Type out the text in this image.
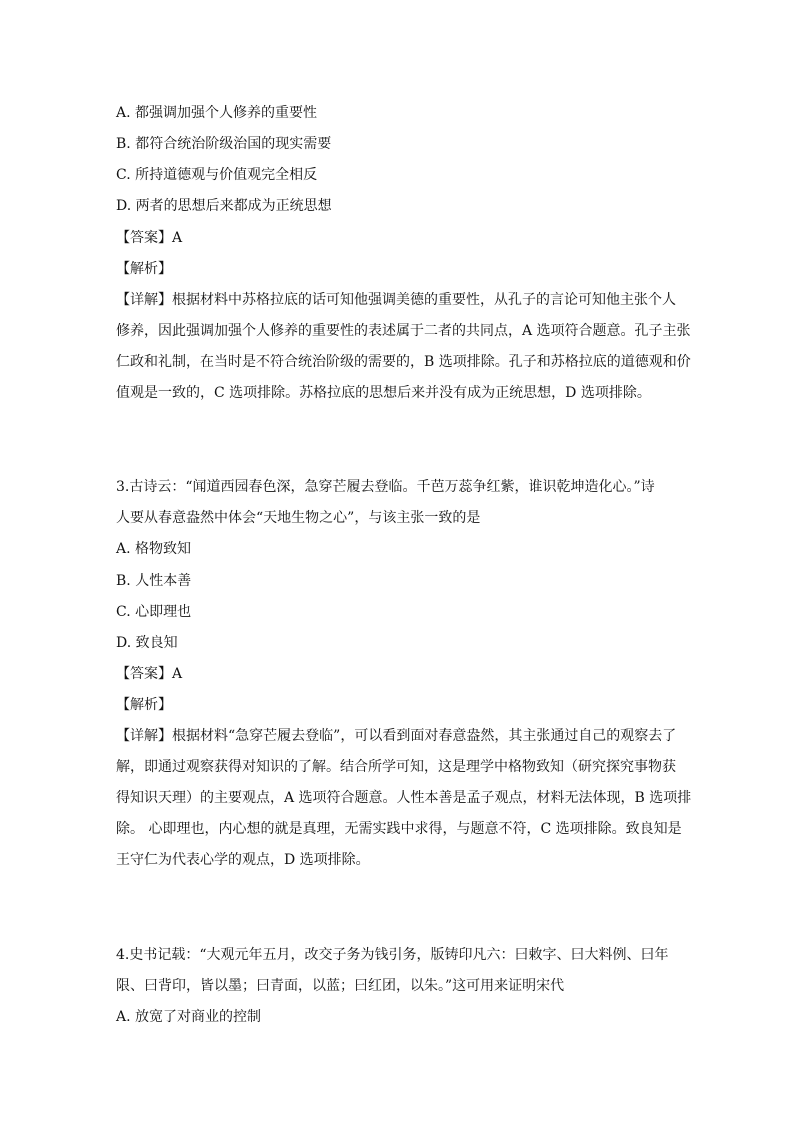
A. 都强调加强个人修养的重要性
B. 都符合统治阶级治国的现实需要
C. 所持道德观与价值观完全相反
D. 两者的思想后来都成为正统思想
【答案】A
【解析】
【详解】根据材料中苏格拉底的话可知他强调美德的重要性，从孔子的言论可知他主张个人
修养，因此强调加强个人修养的重要性的表述属于二者的共同点，A 选项符合题意。孔子主张
仁政和礼制，在当时是不符合统治阶级的需要的，B 选项排除。孔子和苏格拉底的道德观和价
值观是一致的，C 选项排除。苏格拉底的思想后来并没有成为正统思想，D 选项排除。
3.古诗云：“闻道西园春色深，急穿芒履去登临。千芭万蕊争红紫，谁识乾坤造化心。”诗
人要从春意盎然中体会“天地生物之心”，与该主张一致的是
A. 格物致知
B. 人性本善
C. 心即理也
D. 致良知
【答案】A
【解析】
【详解】根据材料“急穿芒履去登临”，可以看到面对春意盎然，其主张通过自己的观察去了
解，即通过观察获得对知识的了解。结合所学可知，这是理学中格物致知（研究探究事物获
得知识天理）的主要观点，A 选项符合题意。人性本善是孟子观点，材料无法体现，B 选项排
除。 心即理也，内心想的就是真理，无需实践中求得，与题意不符，C 选项排除。致良知是
王守仁为代表心学的观点，D 选项排除。
4.史书记载：“大观元年五月，改交子务为钱引务，版铸印凡六：曰敕字、曰大料例、曰年
限、曰背印，皆以墨；曰青面，以蓝；曰红团，以朱。”这可用来证明宋代
A. 放宽了对商业的控制
